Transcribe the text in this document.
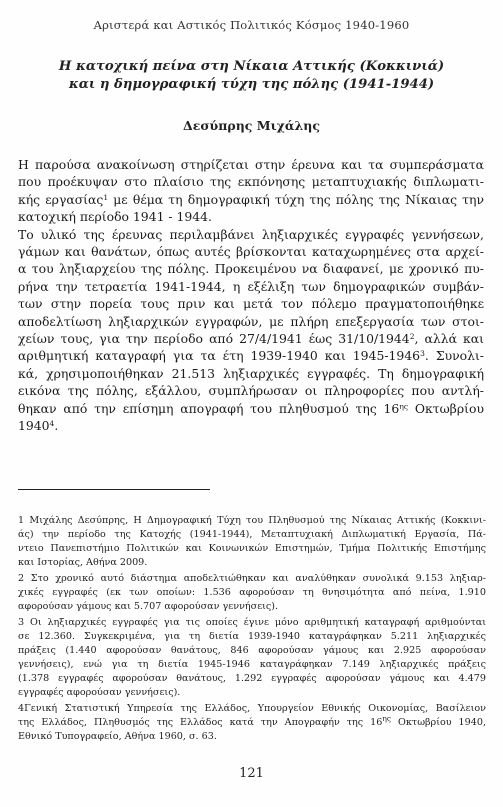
Αριστερά και Αστικός Πολιτικός Κόσμος 1940-1960
Η κατοχική πείνα στη Νίκαια Αττικής (Κοκκινιά)
και η δημογραφική τύχη της πόλης (1941-1944)
Δεσύπρης Μιχάλης
Η παρούσα ανακοίνωση στηρίζεται στην έρευνα και τα συμπεράσματα
που προέκυψαν στο πλαίσιο της εκπόνησης μεταπτυχιακής διπλωματι-
κής εργασίας$^1$ με θέμα τη δημογραφική τύχη της πόλης της Νίκαιας την
κατοχική περίοδο 1941 - 1944.
Το υλικό της έρευνας περιλαμβάνει ληξιαρχικές εγγραφές γεννήσεων,
γάμων και θανάτων, όπως αυτές βρίσκονται καταχωρημένες στα αρχεί-
α του ληξιαρχείου της πόλης. Προκειμένου να διαφανεί, με χρονικό πυ-
ρήνα την τετραετία 1941-1944, η εξέλιξη των δημογραφικών συμβάν-
των στην πορεία τους πριν και μετά τον πόλεμο πραγματοποιήθηκε
αποδελτίωση ληξιαρχικών εγγραφών, με πλήρη επεξεργασία των στοι-
χείων τους, για την περίοδο από 27/4/1941 έως 31/10/1944$^2$, αλλά και
αριθμητική καταγραφή για τα έτη 1939-1940 και 1945-1946$^3$. Συνολι-
κά, χρησιμοποιήθηκαν 21.513 ληξιαρχικές εγγραφές. Τη δημογραφική
εικόνα της πόλης, εξάλλου, συμπλήρωσαν οι πληροφορίες που αντλή-
θηκαν από την επίσημη απογραφή του πληθυσμού της $16^{\eta\varsigma}$ Οκτωβρίου
1940$^4$.
1 Μιχάλης Δεσύπρης, Η Δημογραφική Τύχη του Πληθυσμού της Νίκαιας Αττικής (Κοκκινι-
άς) την περίοδο της Κατοχής (1941-1944), Μεταπτυχιακή Διπλωματική Εργασία, Πά-
ντειο Πανεπιστήμιο Πολιτικών και Κοινωνικών Επιστημών, Τμήμα Πολιτικής Επιστήμης
και Ιστορίας, Αθήνα 2009.
2 Στο χρονικό αυτό διάστημα αποδελτιώθηκαν και αναλύθηκαν συνολικά 9.153 ληξιαρ-
χικές εγγραφές (εκ των οποίων: 1.536 αφορούσαν τη θνησιμότητα από πείνα, 1.910
αφορούσαν γάμους και 5.707 αφορούσαν γεννήσεις).
3 Οι ληξιαρχικές εγγραφές για τις οποίες έγινε μόνο αριθμητική καταγραφή αριθμούνται
σε 12.360. Συγκεκριμένα, για τη διετία 1939-1940 καταγράφηκαν 5.211 ληξιαρχικές
πράξεις (1.440 αφορούσαν θανάτους, 846 αφορούσαν γάμους και 2.925 αφορούσαν
γεννήσεις), ενώ για τη διετία 1945-1946 καταγράφηκαν 7.149 ληξιαρχικές πράξεις
(1.378 εγγραφές αφορούσαν θανάτους, 1.292 εγγραφές αφορούσαν γάμους και 4.479
εγγραφές αφορούσαν γεννήσεις).
4Γενική Στατιστική Υπηρεσία της Ελλάδος, Υπουργείον Εθνικής Οικονομίας, Βασίλειον
της Ελλάδος, Πληθυσμός της Ελλάδος κατά την Απογραφήν της $16^{\eta\varsigma}$ Οκτωβρίου 1940,
Εθνικό Τυπογραφείο, Αθήνα 1960, σ. 63.
121
